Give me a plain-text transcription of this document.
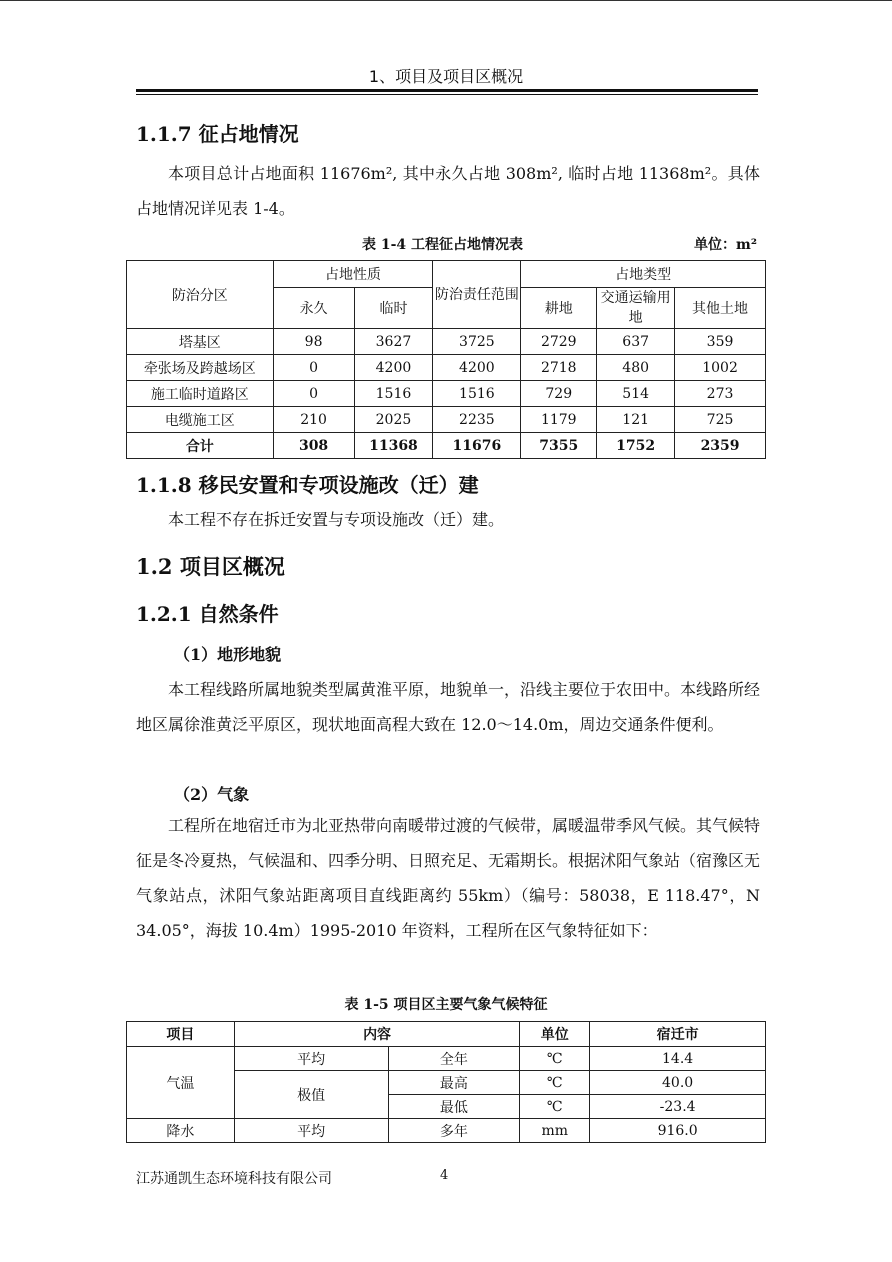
1、项目及项目区概况
1.1.7 征占地情况

本项目总计占地面积 11676m², 其中永久占地 308m², 临时占地 11368m²。具体占地情况详见表 1-4。

表 1-4 工程征占地情况表	单位：m²
防治分区	占地性质		防治责任范围	占地类型		
	永久	临时		耕地	交通运输用地	其他土地
塔基区	98	3627	3725	2729	637	359
牵张场及跨越场区	0	4200	4200	2718	480	1002
施工临时道路区	0	1516	1516	729	514	273
电缆施工区	210	2025	2235	1179	121	725
合计	308	11368	11676	7355	1752	2359
1.1.8 移民安置和专项设施改（迁）建

本工程不存在拆迁安置与专项设施改（迁）建。

1.2 项目区概况
1.2.1 自然条件
（1）地形地貌

本工程线路所属地貌类型属黄淮平原，地貌单一，沿线主要位于农田中。本线路所经地区属徐淮黄泛平原区，现状地面高程大致在 12.0～14.0m，周边交通条件便利。

（2）气象

工程所在地宿迁市为北亚热带向南暖带过渡的气候带，属暖温带季风气候。其气候特征是冬冷夏热，气候温和、四季分明、日照充足、无霜期长。根据沭阳气象站（宿豫区无气象站点，沭阳气象站距离项目直线距离约 55km）（编号：58038，E 118.47°，N 34.05°，海拔 10.4m）1995-2010 年资料，工程所在区气象特征如下：

表 1-5 项目区主要气象气候特征
项目	内容		单位	宿迁市
气温	平均	全年	℃	14.4
	极值	最高	℃	40.0
		最低	℃	-23.4
降水	平均	多年	mm	916.0
江苏通凯生态环境科技有限公司	4
